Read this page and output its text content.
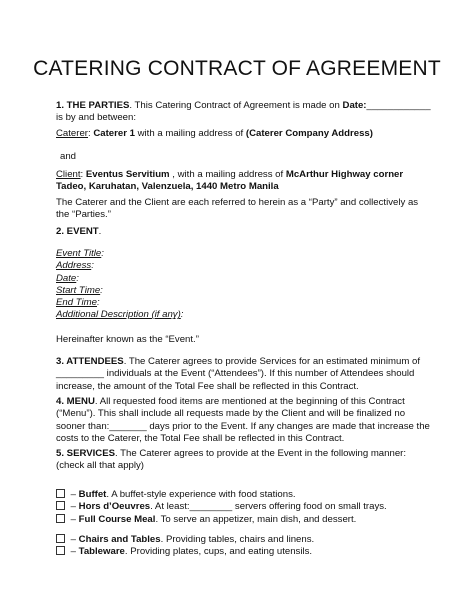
CATERING CONTRACT OF AGREEMENT
1. THE PARTIES. This Catering Contract of Agreement is made on Date:____________ is by and between:
Caterer: Caterer 1 with a mailing address of (Caterer Company Address)
and
Client: Eventus Servitium , with a mailing address of McArthur Highway corner Tadeo, Karuhatan, Valenzuela, 1440 Metro Manila
The Caterer and the Client are each referred to herein as a “Party” and collectively as the “Parties.”
2. EVENT.
Event Title:
Address:
Date:
Start Time:
End Time:
Additional Description (if any):
Hereinafter known as the “Event.”
3. ATTENDEES. The Caterer agrees to provide Services for an estimated minimum of _________ individuals at the Event (“Attendees”). If this number of Attendees should increase, the amount of the Total Fee shall be reflected in this Contract.
4. MENU. All requested food items are mentioned at the beginning of this Contract (“Menu”). This shall include all requests made by the Client and will be finalized no sooner than:_______ days prior to the Event. If any changes are made that increase the costs to the Caterer, the Total Fee shall be reflected in this Contract.
5. SERVICES. The Caterer agrees to provide at the Event in the following manner: (check all that apply)
– Buffet. A buffet-style experience with food stations.
– Hors d’Oeuvres. At least:________ servers offering food on small trays.
– Full Course Meal. To serve an appetizer, main dish, and dessert.
– Chairs and Tables. Providing tables, chairs and linens.
– Tableware. Providing plates, cups, and eating utensils.
